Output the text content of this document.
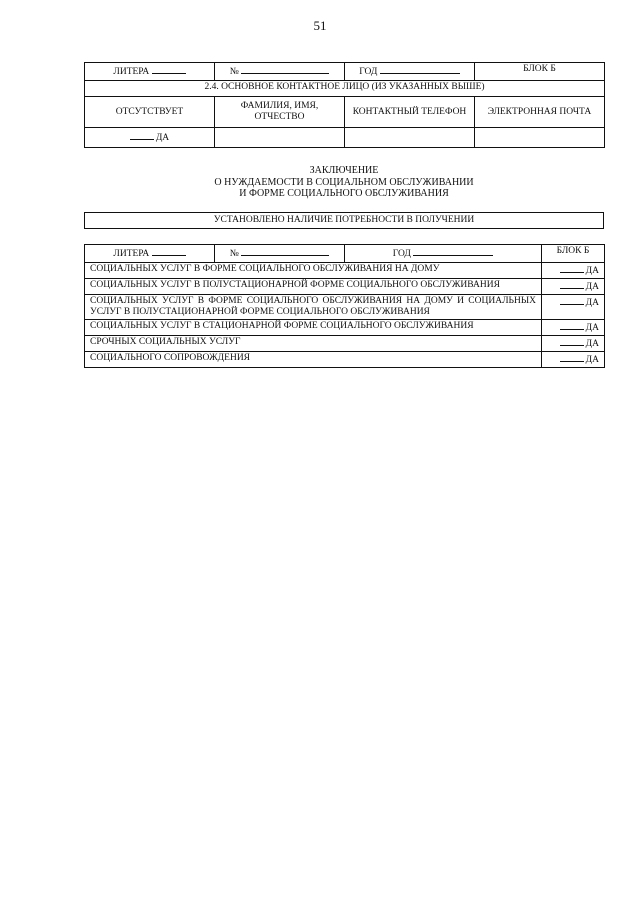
51
ЛИТЕРА	№	ГОД	БЛОК Б
2.4. ОСНОВНОЕ КОНТАКТНОЕ ЛИЦО (ИЗ УКАЗАННЫХ ВЫШЕ)			
ОТСУТСТВУЕТ	ФАМИЛИЯ, ИМЯ, ОТЧЕСТВО	КОНТАКТНЫЙ ТЕЛЕФОН	ЭЛЕКТРОННАЯ ПОЧТА
ДА			
ЗАКЛЮЧЕНИЕ
О НУЖДАЕМОСТИ В СОЦИАЛЬНОМ ОБСЛУЖИВАНИИ
И ФОРМЕ СОЦИАЛЬНОГО ОБСЛУЖИВАНИЯ
УСТАНОВЛЕНО НАЛИЧИЕ ПОТРЕБНОСТИ В ПОЛУЧЕНИИ
ЛИТЕРА	№	ГОД	БЛОК Б
СОЦИАЛЬНЫХ УСЛУГ В ФОРМЕ СОЦИАЛЬНОГО ОБСЛУЖИВАНИЯ НА ДОМУ			ДА
СОЦИАЛЬНЫХ УСЛУГ В ПОЛУСТАЦИОНАРНОЙ ФОРМЕ СОЦИАЛЬНОГО ОБСЛУЖИВАНИЯ			ДА
СОЦИАЛЬНЫХ УСЛУГ В ФОРМЕ СОЦИАЛЬНОГО ОБСЛУЖИВАНИЯ НА ДОМУ И СОЦИАЛЬНЫХ УСЛУГ В ПОЛУСТАЦИОНАРНОЙ ФОРМЕ СОЦИАЛЬНОГО ОБСЛУЖИВАНИЯ			ДА
СОЦИАЛЬНЫХ УСЛУГ В СТАЦИОНАРНОЙ ФОРМЕ СОЦИАЛЬНОГО ОБСЛУЖИВАНИЯ			ДА
СРОЧНЫХ СОЦИАЛЬНЫХ УСЛУГ			ДА
СОЦИАЛЬНОГО СОПРОВОЖДЕНИЯ			ДА
